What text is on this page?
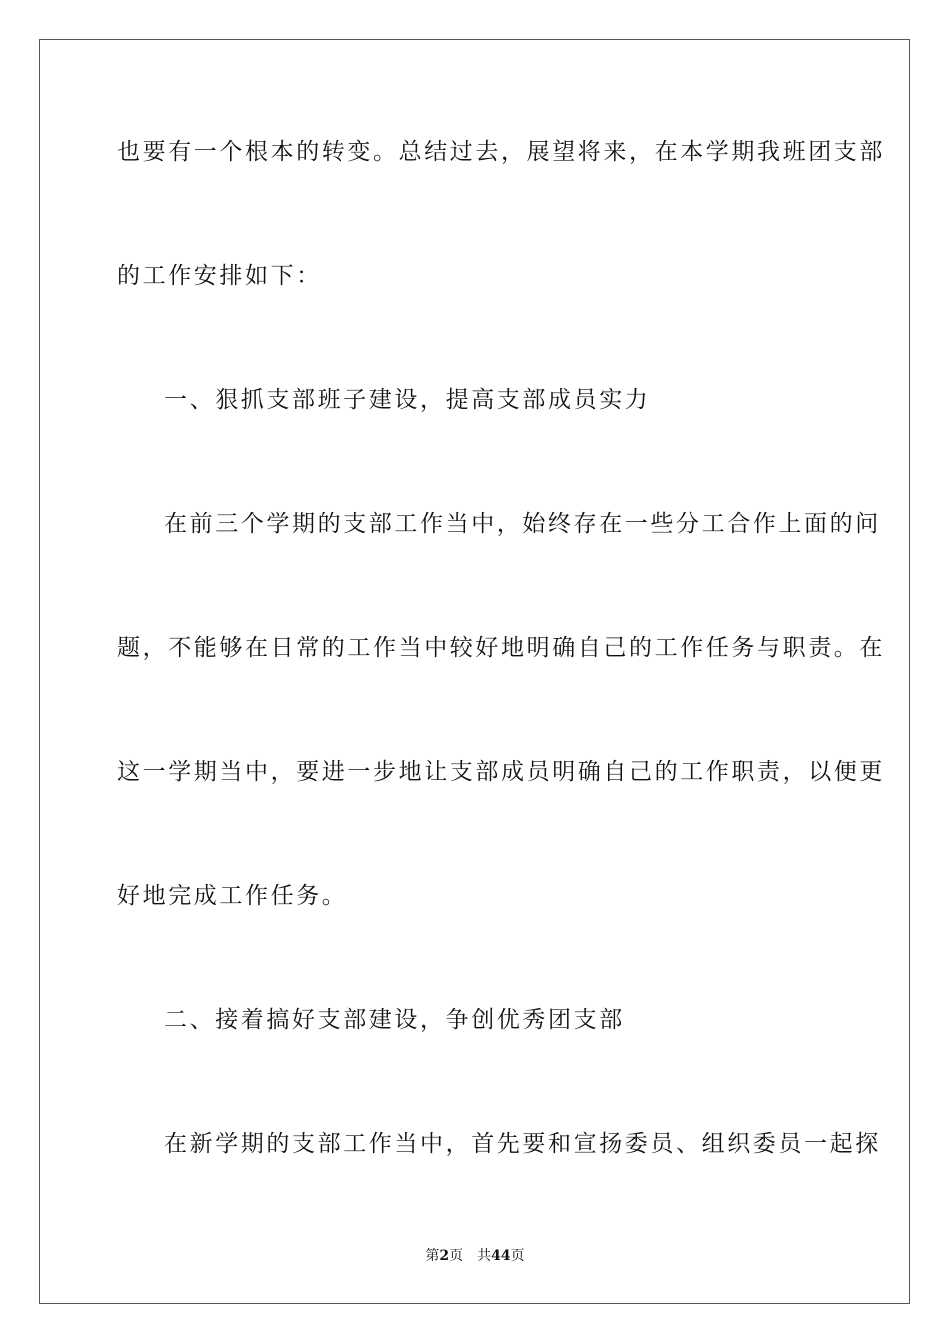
也要有一个根本的转变。总结过去，展望将来，在本学期我班团支部
的工作安排如下：
一、狠抓支部班子建设，提高支部成员实力
在前三个学期的支部工作当中，始终存在一些分工合作上面的问
题，不能够在日常的工作当中较好地明确自己的工作任务与职责。在
这一学期当中，要进一步地让支部成员明确自己的工作职责，以便更
好地完成工作任务。
二、接着搞好支部建设，争创优秀团支部
在新学期的支部工作当中，首先要和宣扬委员、组织委员一起探
第2页 共44页
